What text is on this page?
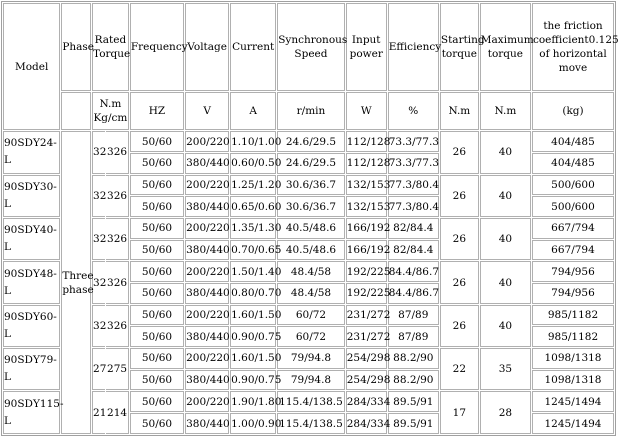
Model	Phase	Rated Torque		Frequency	Voltage	Current	Synchronous Speed	Input power	Efficiency	Starting torque	Maximum torque	the friction coefficient0.125 of horizontal move
		N.m Kg/cm		HZ	V	A	r/min	W	%	N.m	N.m	(kg)
90SDY24-L	Three phase	32	326	50/60	200/220	1.10/1.00	24.6/29.5	112/128	73.3/77.3	26	40	404/485
				50/60	380/440	0.60/0.50	24.6/29.5	112/128	73.3/77.3			404/485
90SDY30-L		32	326	50/60	200/220	1.25/1.20	30.6/36.7	132/153	77.3/80.4	26	40	500/600
				50/60	380/440	0.65/0.60	30.6/36.7	132/153	77.3/80.4			500/600
90SDY40-L		32	326	50/60	200/220	1.35/1.30	40.5/48.6	166/192	82/84.4	26	40	667/794
				50/60	380/440	0.70/0.65	40.5/48.6	166/192	82/84.4			667/794
90SDY48-L		32	326	50/60	200/220	1.50/1.40	48.4/58	192/225	84.4/86.7	26	40	794/956
				50/60	380/440	0.80/0.70	48.4/58	192/225	84.4/86.7			794/956
90SDY60-L		32	326	50/60	200/220	1.60/1.50	60/72	231/272	87/89	26	40	985/1182
				50/60	380/440	0.90/0.75	60/72	231/272	87/89			985/1182
90SDY79-L		27	275	50/60	200/220	1.60/1.50	79/94.8	254/298	88.2/90	22	35	1098/1318
				50/60	380/440	0.90/0.75	79/94.8	254/298	88.2/90			1098/1318
90SDY115-L		21	214	50/60	200/220	1.90/1.80	115.4/138.5	284/334	89.5/91	17	28	1245/1494
				50/60	380/440	1.00/0.90	115.4/138.5	284/334	89.5/91			1245/1494
